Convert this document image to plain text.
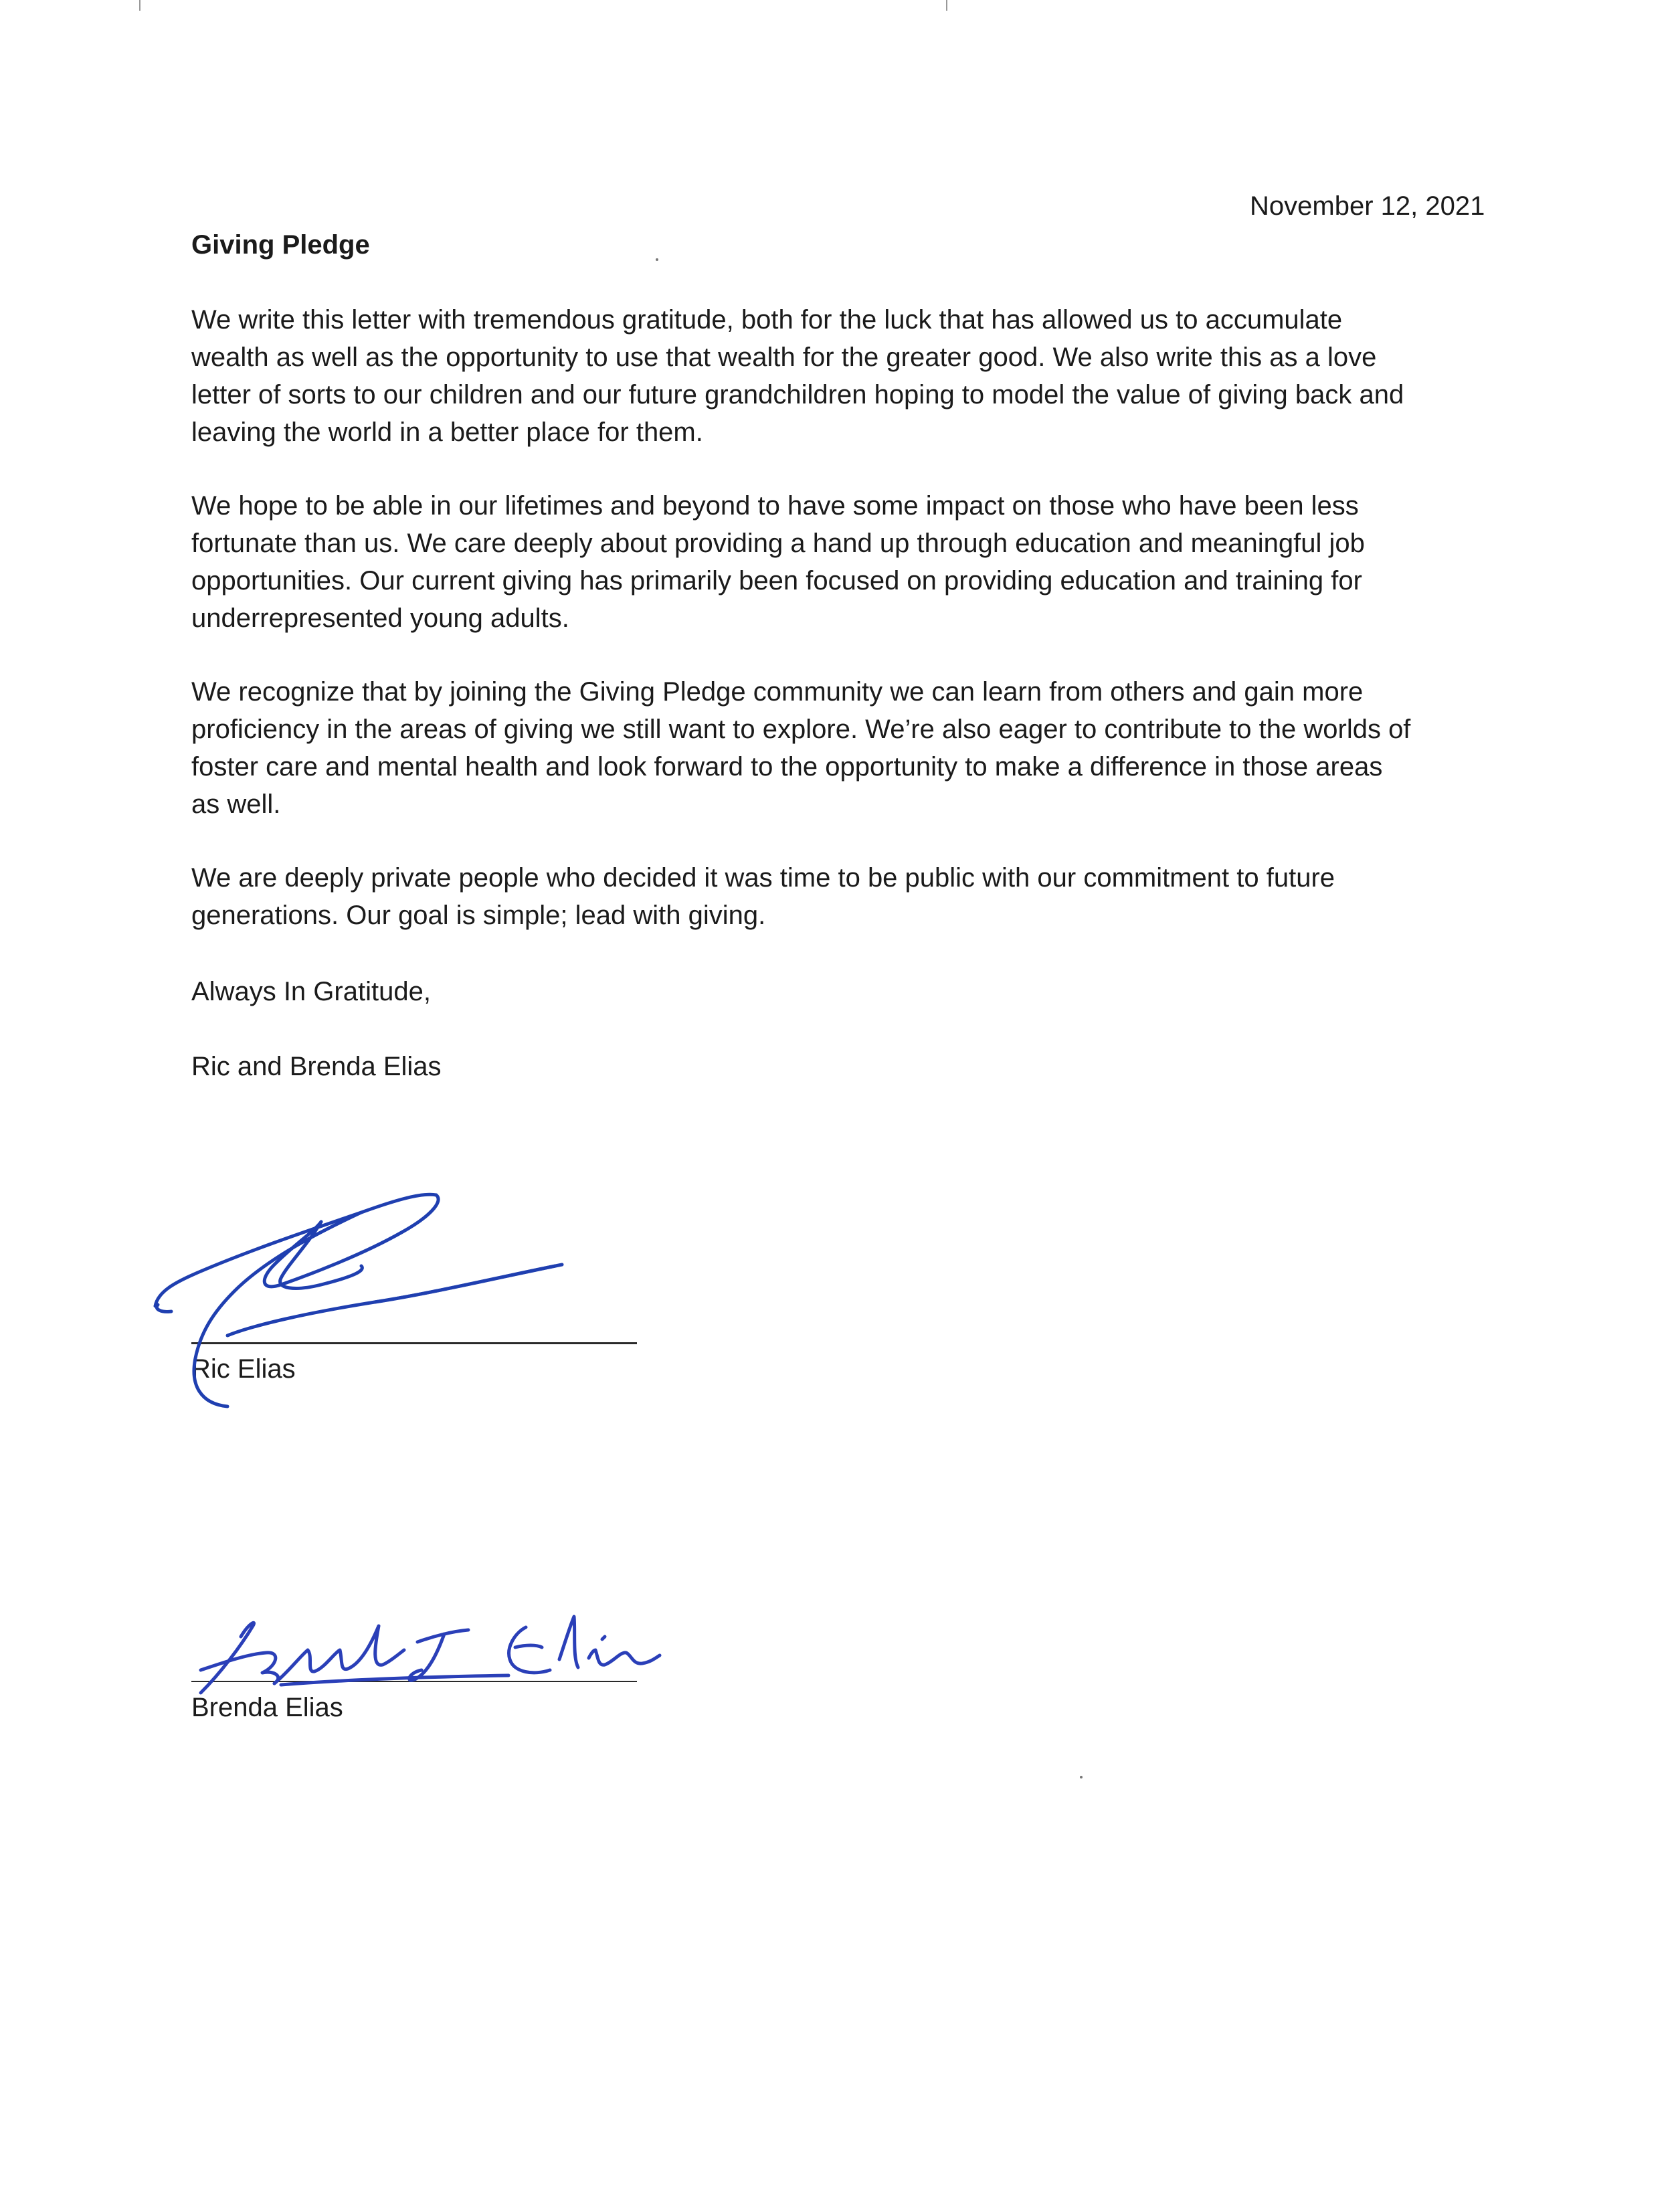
November 12, 2021
Giving Pledge
We write this letter with tremendous gratitude, both for the luck that has allowed us to accumulate
wealth as well as the opportunity to use that wealth for the greater good. We also write this as a love
letter of sorts to our children and our future grandchildren hoping to model the value of giving back and
leaving the world in a better place for them.
We hope to be able in our lifetimes and beyond to have some impact on those who have been less
fortunate than us. We care deeply about providing a hand up through education and meaningful job
opportunities. Our current giving has primarily been focused on providing education and training for
underrepresented young adults.
We recognize that by joining the Giving Pledge community we can learn from others and gain more
proficiency in the areas of giving we still want to explore. We’re also eager to contribute to the worlds of
foster care and mental health and look forward to the opportunity to make a difference in those areas
as well.
We are deeply private people who decided it was time to be public with our commitment to future
generations. Our goal is simple; lead with giving.
Always In Gratitude,
Ric and Brenda Elias
Ric Elias
Brenda Elias
